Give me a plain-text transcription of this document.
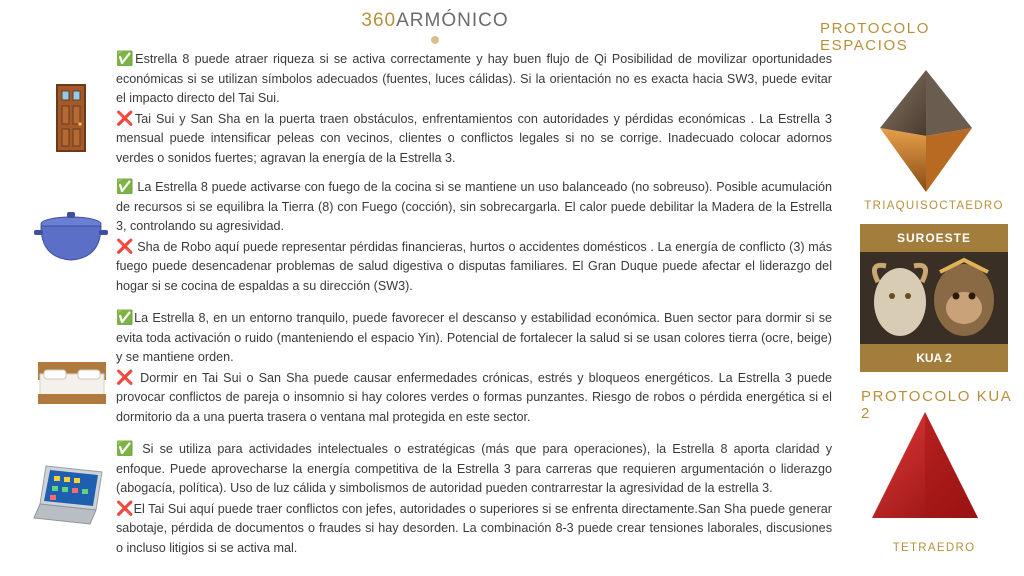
360ARMÓNICO
✅Estrella 8 puede atraer riqueza si se activa correctamente y hay buen flujo de Qi Posibilidad de movilizar oportunidades económicas si se utilizan símbolos adecuados (fuentes, luces cálidas). Si la orientación no es exacta hacia SW3, puede evitar el impacto directo del Tai Sui.
❌Tai Sui y San Sha en la puerta traen obstáculos, enfrentamientos con autoridades y pérdidas económicas . La Estrella 3 mensual puede intensificar peleas con vecinos, clientes o conflictos legales si no se corrige. Inadecuado colocar adornos verdes o sonidos fuertes; agravan la energía de la Estrella 3.
✅ La Estrella 8 puede activarse con fuego de la cocina si se mantiene un uso balanceado (no sobreuso). Posible acumulación de recursos si se equilibra la Tierra (8) con Fuego (cocción), sin sobrecargarla. El calor puede debilitar la Madera de la Estrella 3, controlando su agresividad.
❌ Sha de Robo aquí puede representar pérdidas financieras, hurtos o accidentes domésticos . La energía de conflicto (3) más fuego puede desencadenar problemas de salud digestiva o disputas familiares. El Gran Duque puede afectar el liderazgo del hogar si se cocina de espaldas a su dirección (SW3).
✅La Estrella 8, en un entorno tranquilo, puede favorecer el descanso y estabilidad económica. Buen sector para dormir si se evita toda activación o ruido (manteniendo el espacio Yin). Potencial de fortalecer la salud si se usan colores tierra (ocre, beige) y se mantiene orden.
❌ Dormir en Tai Sui o San Sha puede causar enfermedades crónicas, estrés y bloqueos energéticos. La Estrella 3 puede provocar conflictos de pareja o insomnio si hay colores verdes o formas punzantes. Riesgo de robos o pérdida energética si el dormitorio da a una puerta trasera o ventana mal protegida en este sector.
✅ Si se utiliza para actividades intelectuales o estratégicas (más que para operaciones), la Estrella 8 aporta claridad y enfoque. Puede aprovecharse la energía competitiva de la Estrella 3 para carreras que requieren argumentación o liderazgo (abogacía, política). Uso de luz cálida y simbolismos de autoridad pueden contrarrestar la agresividad de la estrella 3.
❌El Tai Sui aquí puede traer conflictos con jefes, autoridades o superiores si se enfrenta directamente.San Sha puede generar sabotaje, pérdida de documentos o fraudes si hay desorden. La combinación 8-3 puede crear tensiones laborales, discusiones o incluso litigios si se activa mal.
PROTOCOLO ESPACIOS
TRIAQUISOCTAEDRO
SUROESTE
KUA 2
PROTOCOLO KUA 2
TETRAEDRO
